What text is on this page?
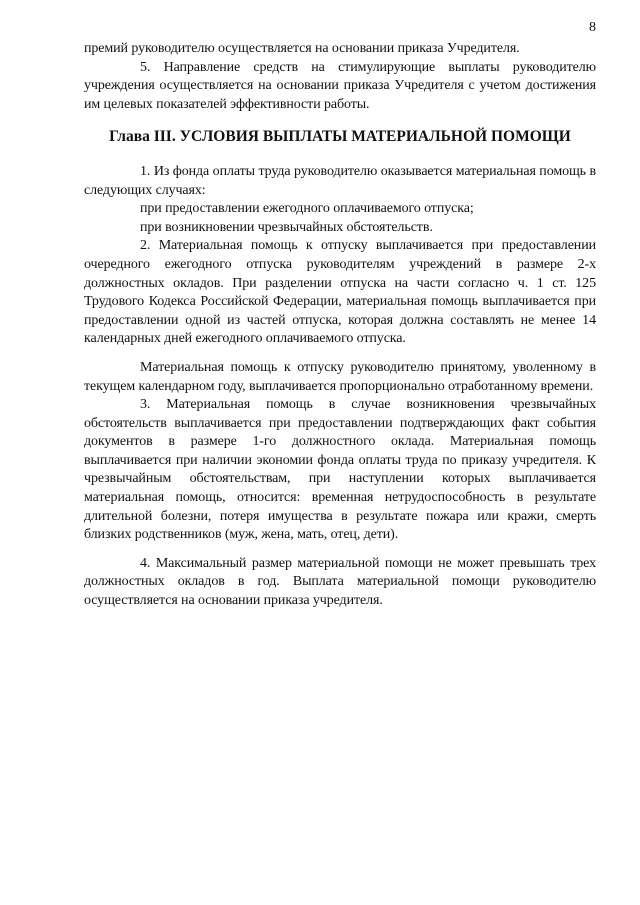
8

премий руководителю осуществляется на основании приказа Учредителя.

5. Направление средств на стимулирующие выплаты руководителю учреждения осуществляется на основании приказа Учредителя с учетом достижения им целевых показателей эффективности работы.

Глава III. УСЛОВИЯ ВЫПЛАТЫ МАТЕРИАЛЬНОЙ ПОМОЩИ

1. Из фонда оплаты труда руководителю оказывается материальная помощь в следующих случаях:

при предоставлении ежегодного оплачиваемого отпуска;

при возникновении чрезвычайных обстоятельств.

2. Материальная помощь к отпуску выплачивается при предоставлении очередного ежегодного отпуска руководителям учреждений в размере 2-х должностных окладов. При разделении отпуска на части согласно ч. 1 ст. 125 Трудового Кодекса Российской Федерации, материальная помощь выплачивается при предоставлении одной из частей отпуска, которая должна составлять не менее 14 календарных дней ежегодного оплачиваемого отпуска.

Материальная помощь к отпуску руководителю принятому, уволенному в текущем календарном году, выплачивается пропорционально отработанному времени.

3. Материальная помощь в случае возникновения чрезвычайных обстоятельств выплачивается при предоставлении подтверждающих факт события документов в размере 1-го должностного оклада. Материальная помощь выплачивается при наличии экономии фонда оплаты труда по приказу учредителя. К чрезвычайным обстоятельствам, при наступлении которых выплачивается материальная помощь, относится: временная нетрудоспособность в результате длительной болезни, потеря имущества в результате пожара или кражи, смерть близких родственников (муж, жена, мать, отец, дети).

4. Максимальный размер материальной помощи не может превышать трех должностных окладов в год. Выплата материальной помощи руководителю осуществляется на основании приказа учредителя.
